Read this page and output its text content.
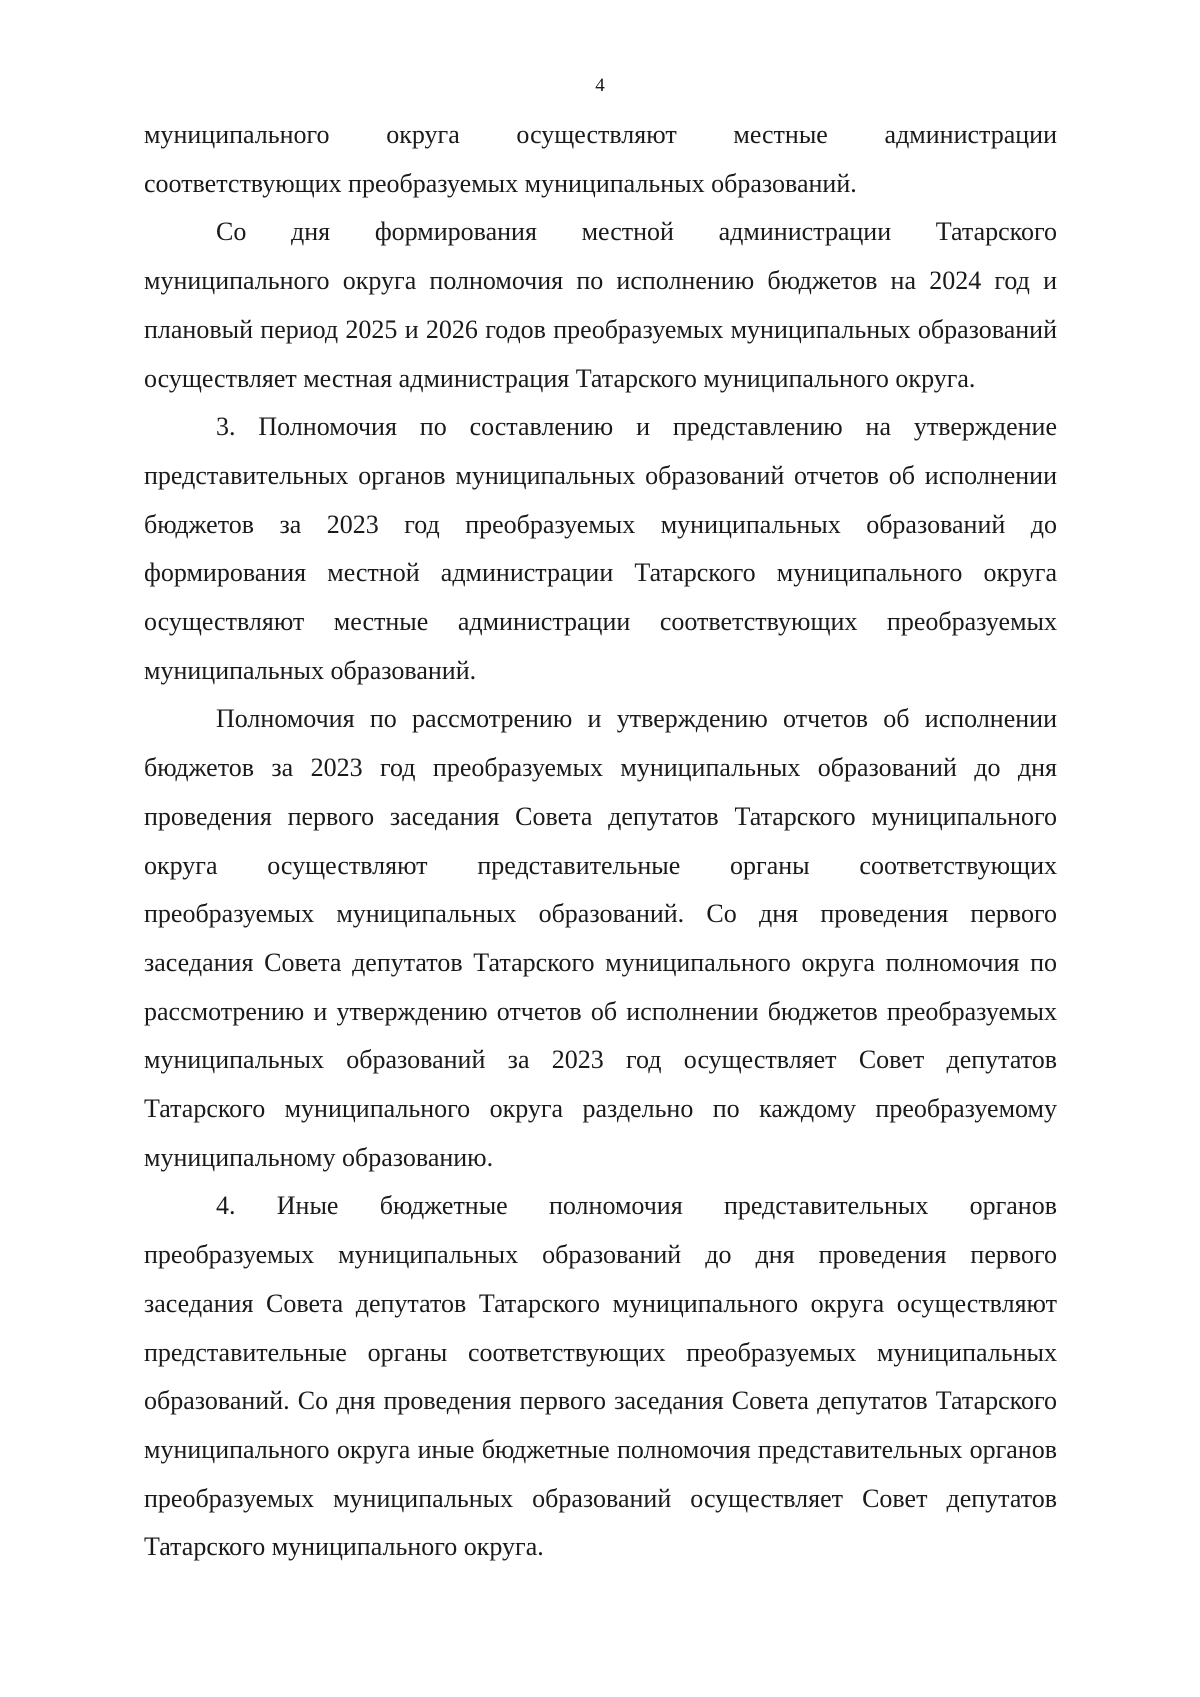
4

муниципального округа осуществляют местные администрации соответствующих преобразуемых муниципальных образований.

Со дня формирования местной администрации Татарского муниципального округа полномочия по исполнению бюджетов на 2024 год и плановый период 2025 и 2026 годов преобразуемых муниципальных образований осуществляет местная администрация Татарского муниципального округа.

3. Полномочия по составлению и представлению на утверждение представительных органов муниципальных образований отчетов об исполнении бюджетов за 2023 год преобразуемых муниципальных образований до формирования местной администрации Татарского муниципального округа осуществляют местные администрации соответствующих преобразуемых муниципальных образований.

Полномочия по рассмотрению и утверждению отчетов об исполнении бюджетов за 2023 год преобразуемых муниципальных образований до дня проведения первого заседания Совета депутатов Татарского муниципального округа осуществляют представительные органы соответствующих преобразуемых муниципальных образований. Со дня проведения первого заседания Совета депутатов Татарского муниципального округа полномочия по рассмотрению и утверждению отчетов об исполнении бюджетов преобразуемых муниципальных образований за 2023 год осуществляет Совет депутатов Татарского муниципального округа раздельно по каждому преобразуемому муниципальному образованию.

4. Иные бюджетные полномочия представительных органов преобразуемых муниципальных образований до дня проведения первого заседания Совета депутатов Татарского муниципального округа осуществляют представительные органы соответствующих преобразуемых муниципальных образований. Со дня проведения первого заседания Совета депутатов Татарского муниципального округа иные бюджетные полномочия представительных органов преобразуемых муниципальных образований осуществляет Совет депутатов Татарского муниципального округа.
